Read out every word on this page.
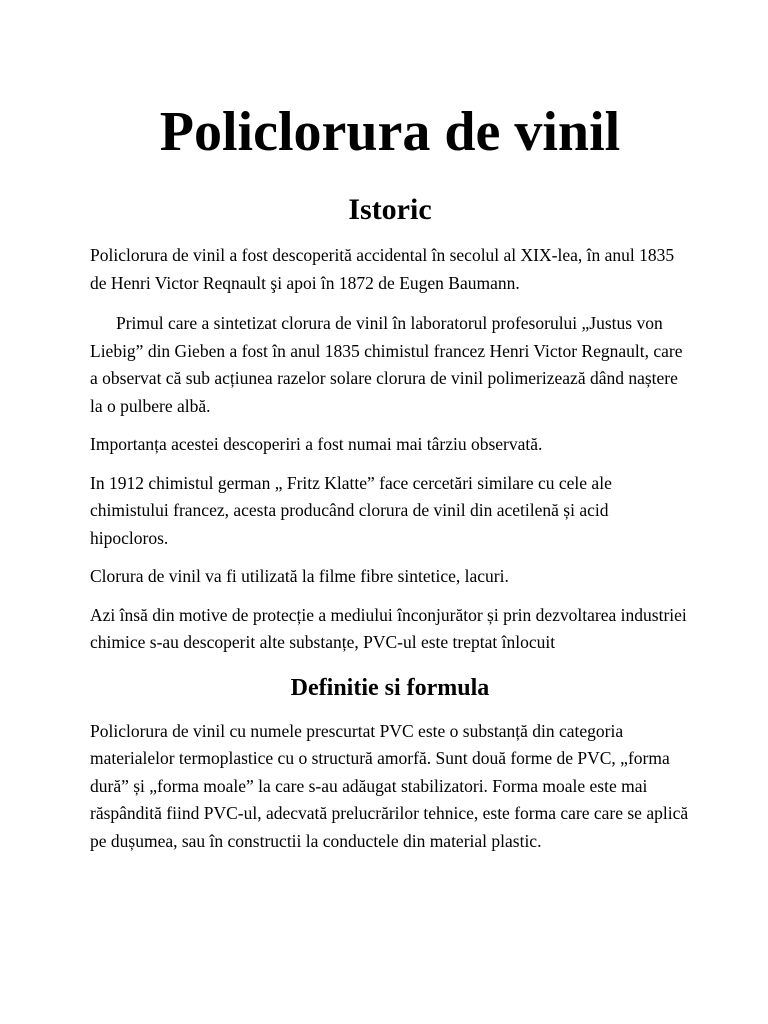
Policlorura de vinil
Istoric

Policlorura de vinil a fost descoperită accidental în secolul al XIX-lea, în anul 1835 de Henri Victor Reqnault şi apoi în 1872 de Eugen Baumann.

Primul care a sintetizat clorura de vinil în laboratorul profesorului „Justus von Liebig” din Gieben a fost în anul 1835 chimistul francez Henri Victor Regnault, care a observat că sub acțiunea razelor solare clorura de vinil polimerizează dând naștere la o pulbere albă.

Importanța acestei descoperiri a fost numai mai târziu observată.

In 1912 chimistul german „ Fritz Klatte” face cercetări similare cu cele ale chimistului francez, acesta producând clorura de vinil din acetilenă și acid hipocloros.

Clorura de vinil va fi utilizată la filme fibre sintetice, lacuri.

Azi însă din motive de protecție a mediului înconjurător și prin dezvoltarea industriei chimice s-au descoperit alte substanțe, PVC-ul este treptat înlocuit

Definitie si formula

Policlorura de vinil cu numele prescurtat PVC este o substanță din categoria materialelor termoplastice cu o structură amorfă. Sunt două forme de PVC, „forma dură” și „forma moale” la care s-au adăugat stabilizatori. Forma moale este mai răspândită fiind PVC-ul, adecvată prelucrărilor tehnice, este forma care care se aplică pe dușumea, sau în constructii la conductele din material plastic.
